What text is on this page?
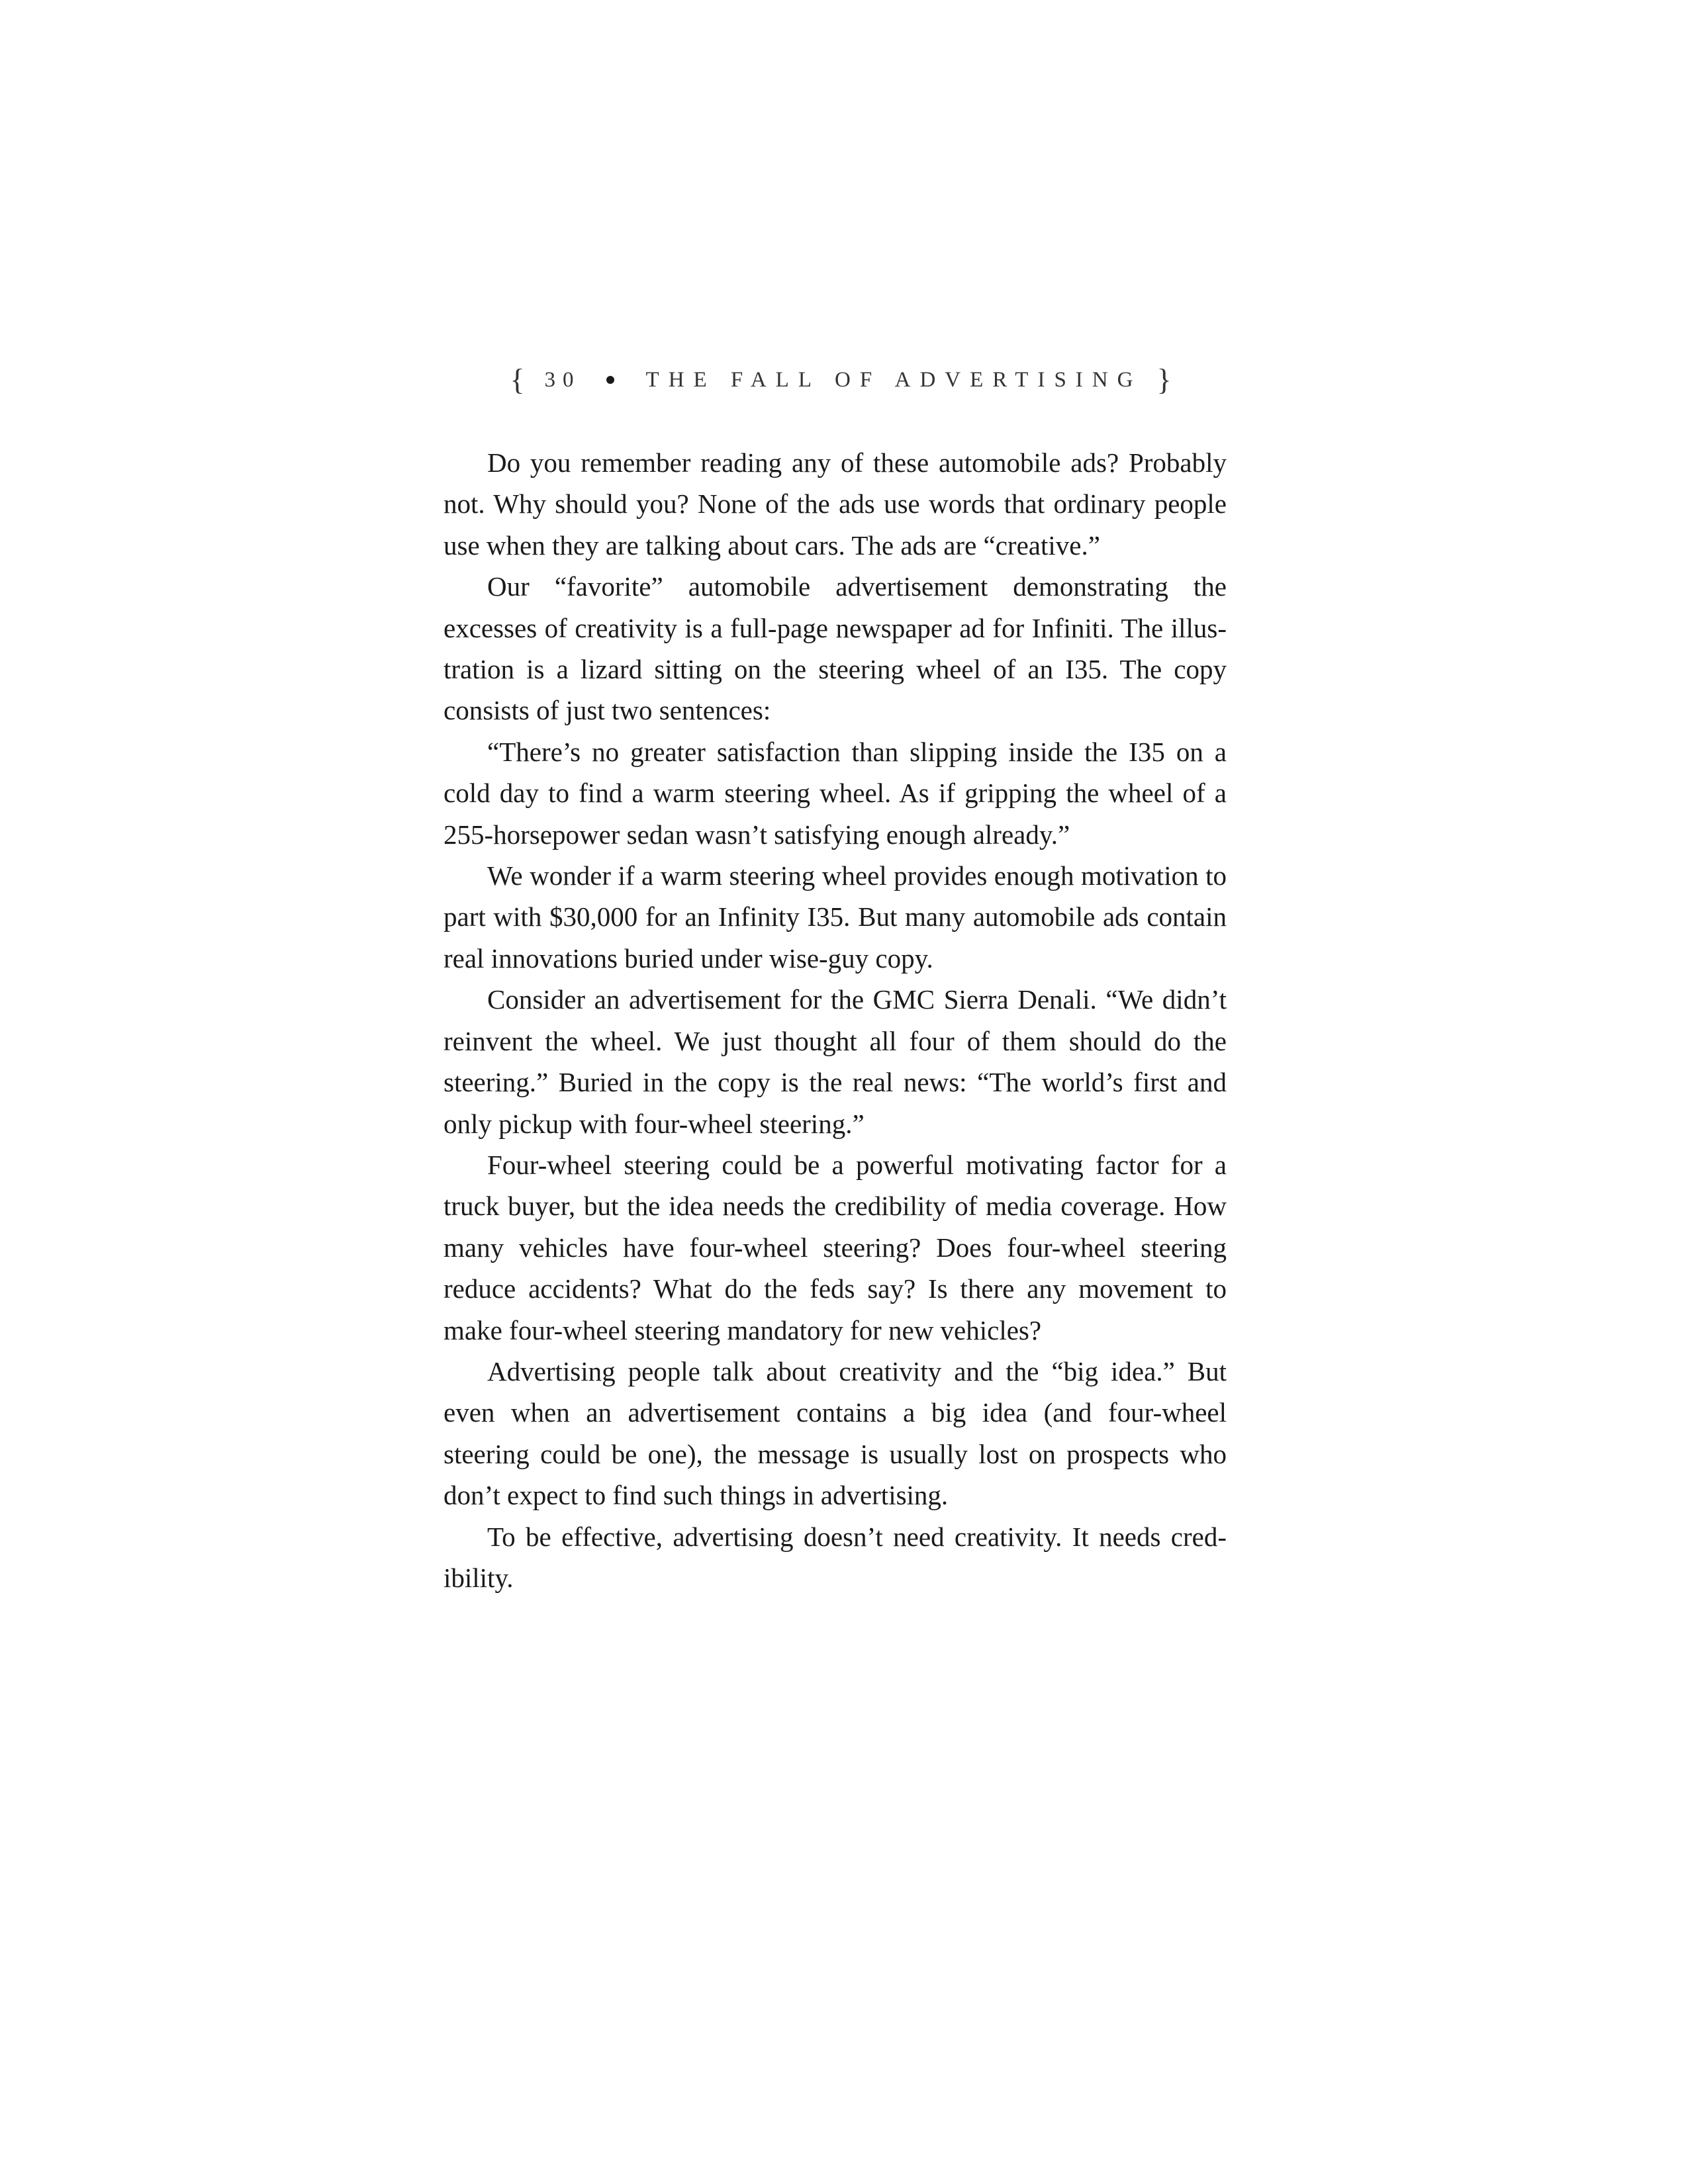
{ 30	THE FALL OF ADVERTISING }

Do you remember reading any of these automobile ads? Probably not. Why should you? None of the ads use words that ordinary people use when they are talking about cars. The ads are “creative.”

Our “favorite” automobile advertisement demonstrating the excesses of creativity is a full-page newspaper ad for Infiniti. The illustration is a lizard sitting on the steering wheel of an I35. The copy consists of just two sentences:

“There’s no greater satisfaction than slipping inside the I35 on a cold day to find a warm steering wheel. As if gripping the wheel of a 255-horsepower sedan wasn’t satisfying enough already.”

We wonder if a warm steering wheel provides enough motivation to part with $30,000 for an Infinity I35. But many automobile ads contain real innovations buried under wise-guy copy.

Consider an advertisement for the GMC Sierra Denali. “We didn’t reinvent the wheel. We just thought all four of them should do the steering.” Buried in the copy is the real news: “The world’s first and only pickup with four-wheel steering.”

Four-wheel steering could be a powerful motivating factor for a truck buyer, but the idea needs the credibility of media coverage. How many vehicles have four-wheel steering? Does four-wheel steering reduce accidents? What do the feds say? Is there any movement to make four-wheel steering mandatory for new vehicles?

Advertising people talk about creativity and the “big idea.” But even when an advertisement contains a big idea (and four-wheel steering could be one), the message is usually lost on prospects who don’t expect to find such things in advertising.

To be effective, advertising doesn’t need creativity. It needs credibility.
